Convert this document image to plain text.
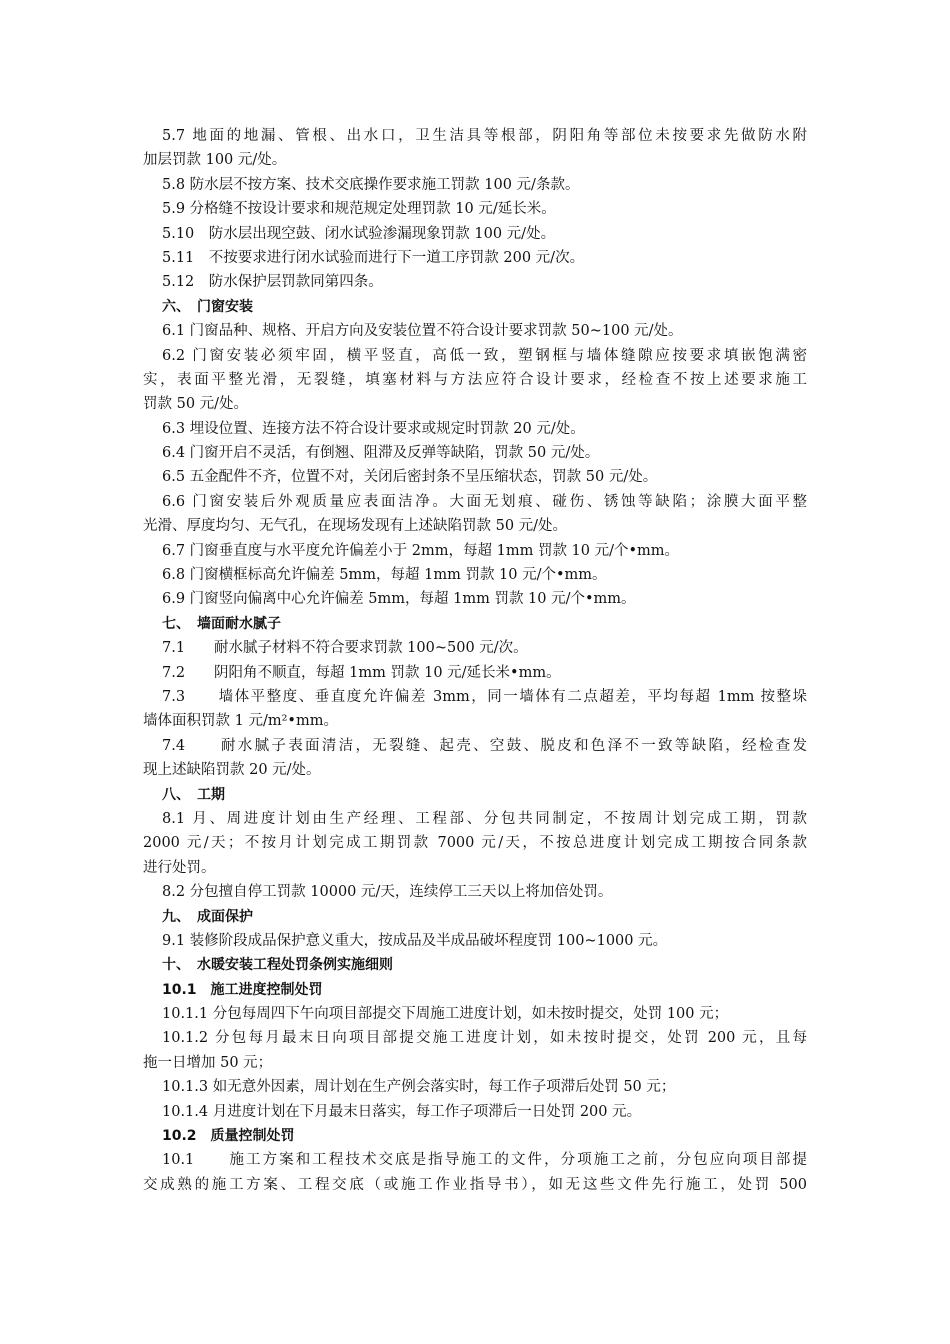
5.7 地面的地漏、管根、出水口，卫生洁具等根部，阴阳角等部位未按要求先做防水附
加层罚款 100 元/处。
5.8 防水层不按方案、技术交底操作要求施工罚款 100 元/条款。
5.9 分格缝不按设计要求和规范规定处理罚款 10 元/延长米。
5.10　防水层出现空鼓、闭水试验渗漏现象罚款 100 元/处。
5.11　不按要求进行闭水试验而进行下一道工序罚款 200 元/次。
5.12　防水保护层罚款同第四条。
六、　门窗安装
6.1 门窗品种、规格、开启方向及安装位置不符合设计要求罚款 50~100 元/处。
6.2 门窗安装必须牢固，横平竖直，高低一致，塑钢框与墙体缝隙应按要求填嵌饱满密
实，表面平整光滑，无裂缝，填塞材料与方法应符合设计要求，经检查不按上述要求施工
罚款 50 元/处。
6.3 埋设位置、连接方法不符合设计要求或规定时罚款 20 元/处。
6.4 门窗开启不灵活，有倒翘、阻滞及反弹等缺陷，罚款 50 元/处。
6.5 五金配件不齐，位置不对，关闭后密封条不呈压缩状态，罚款 50 元/处。
6.6 门窗安装后外观质量应表面洁净。大面无划痕、碰伤、锈蚀等缺陷；涂膜大面平整
光滑、厚度均匀、无气孔，在现场发现有上述缺陷罚款 50 元/处。
6.7 门窗垂直度与水平度允许偏差小于 2mm，每超 1mm 罚款 10 元/个•mm。
6.8 门窗横框标高允许偏差 5mm，每超 1mm 罚款 10 元/个•mm。
6.9 门窗竖向偏离中心允许偏差 5mm，每超 1mm 罚款 10 元/个•mm。
七、　墙面耐水腻子
7.1　　耐水腻子材料不符合要求罚款 100~500 元/次。
7.2　　阴阳角不顺直，每超 1mm 罚款 10 元/延长米•mm。
7.3　　墙体平整度、垂直度允许偏差 3mm，同一墙体有二点超差，平均每超 1mm 按整垛
墙体面积罚款 1 元/m²•mm。
7.4　　耐水腻子表面清洁，无裂缝、起壳、空鼓、脱皮和色泽不一致等缺陷，经检查发
现上述缺陷罚款 20 元/处。
八、　工期
8.1 月、周进度计划由生产经理、工程部、分包共同制定，不按周计划完成工期，罚款
2000 元/天；不按月计划完成工期罚款 7000 元/天，不按总进度计划完成工期按合同条款
进行处罚。
8.2 分包擅自停工罚款 10000 元/天，连续停工三天以上将加倍处罚。
九、　成面保护
9.1 装修阶段成品保护意义重大，按成品及半成品破坏程度罚 100~1000 元。
十、　水暖安装工程处罚条例实施细则
10.1　施工进度控制处罚
10.1.1 分包每周四下午向项目部提交下周施工进度计划，如未按时提交，处罚 100 元；
10.1.2 分包每月最末日向项目部提交施工进度计划，如未按时提交，处罚 200 元，且每
拖一日增加 50 元；
10.1.3 如无意外因素，周计划在生产例会落实时，每工作子项滞后处罚 50 元；
10.1.4 月进度计划在下月最末日落实，每工作子项滞后一日处罚 200 元。
10.2　质量控制处罚
10.1　　施工方案和工程技术交底是指导施工的文件，分项施工之前，分包应向项目部提
交成熟的施工方案、工程交底（或施工作业指导书），如无这些文件先行施工，处罚 500
